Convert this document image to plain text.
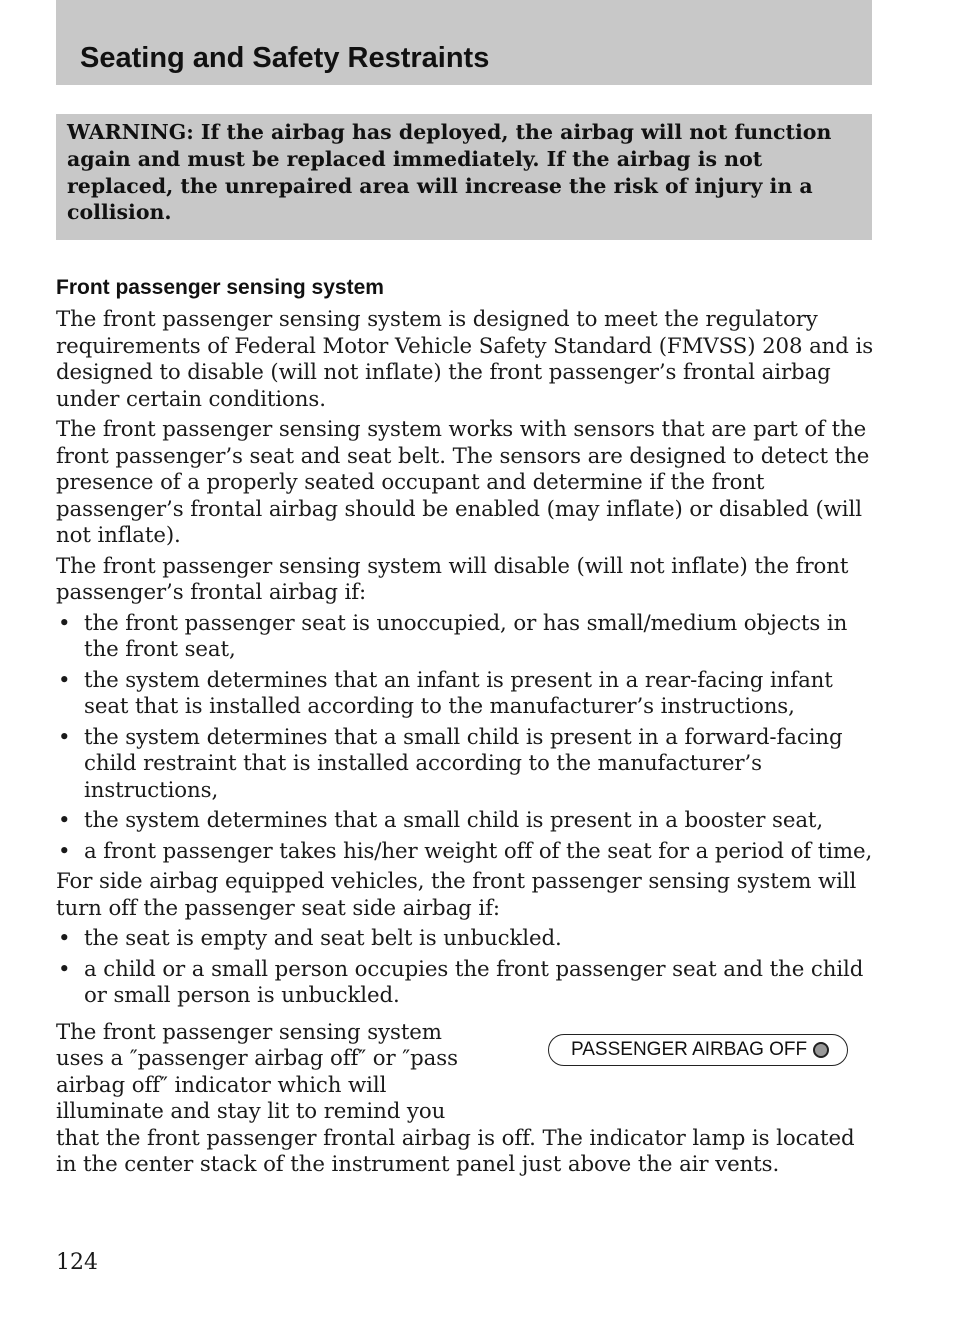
Seating and Safety Restraints

WARNING: If the airbag has deployed, the airbag will not function again and must be replaced immediately. If the airbag is not replaced, the unrepaired area will increase the risk of injury in a collision.

Front passenger sensing system

The front passenger sensing system is designed to meet the regulatory requirements of Federal Motor Vehicle Safety Standard (FMVSS) 208 and is designed to disable (will not inflate) the front passenger’s frontal airbag under certain conditions.

The front passenger sensing system works with sensors that are part of the front passenger’s seat and seat belt. The sensors are designed to detect the presence of a properly seated occupant and determine if the front passenger’s frontal airbag should be enabled (may inflate) or disabled (will not inflate).

The front passenger sensing system will disable (will not inflate) the front passenger’s frontal airbag if:

• the front passenger seat is unoccupied, or has small/medium objects in the front seat,
• the system determines that an infant is present in a rear-facing infant seat that is installed according to the manufacturer’s instructions,
• the system determines that a small child is present in a forward-facing child restraint that is installed according to the manufacturer’s instructions,
• the system determines that a small child is present in a booster seat,
• a front passenger takes his/her weight off of the seat for a period of time,

For side airbag equipped vehicles, the front passenger sensing system will turn off the passenger seat side airbag if:

• the seat is empty and seat belt is unbuckled.
• a child or a small person occupies the front passenger seat and the child or small person is unbuckled.
PASSENGER AIRBAG OFF

The front passenger sensing system uses a ″passenger airbag off″ or ″pass airbag off″ indicator which will illuminate and stay lit to remind you that the front passenger frontal airbag is off. The indicator lamp is located in the center stack of the instrument panel just above the air vents.

124
